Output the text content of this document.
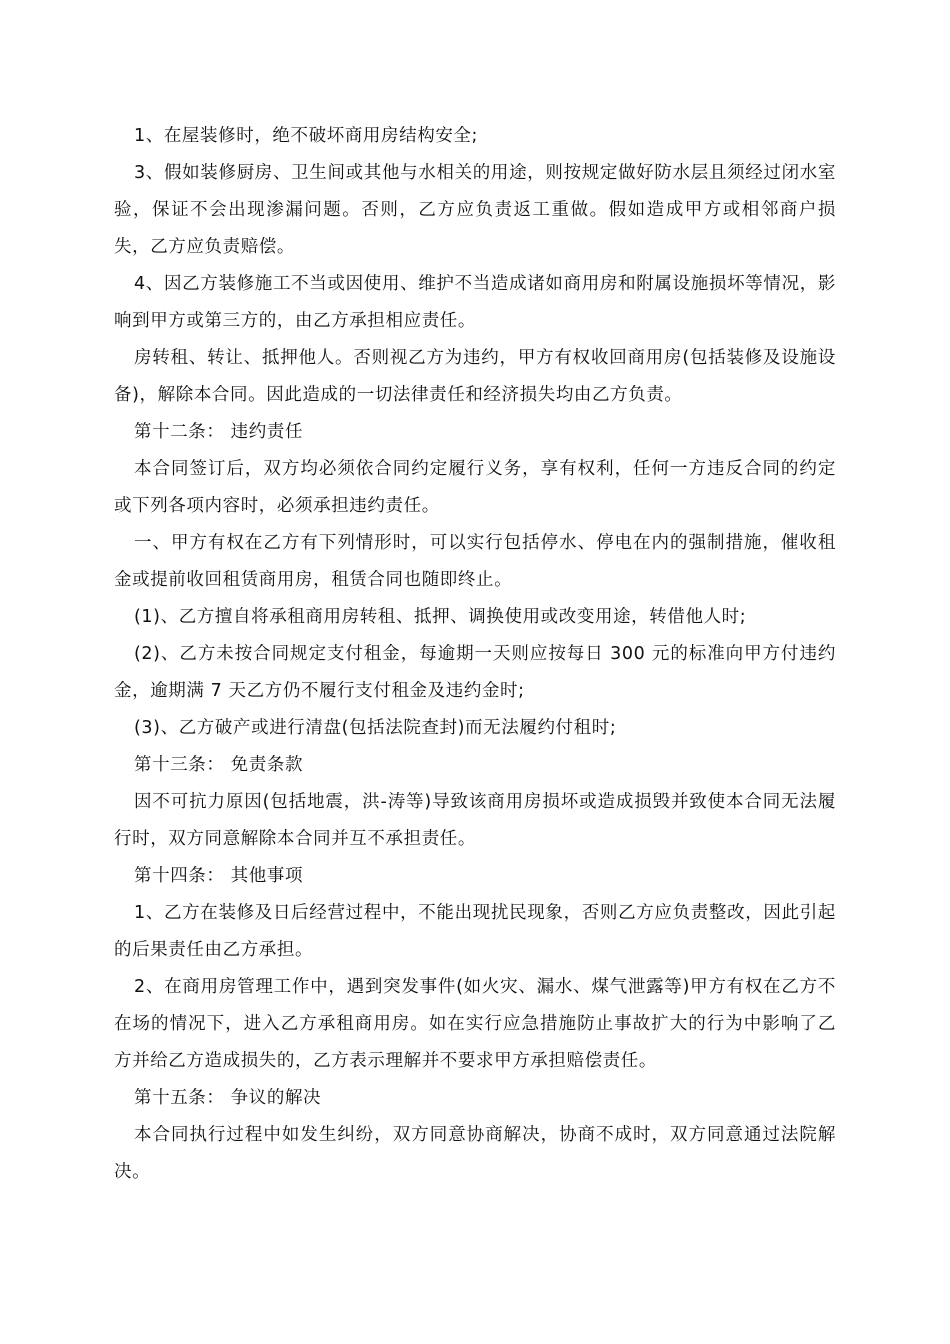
1、在屋装修时，绝不破坏商用房结构安全;

3、假如装修厨房、卫生间或其他与水相关的用途，则按规定做好防水层且须经过闭水室验，保证不会出现渗漏问题。否则，乙方应负责返工重做。假如造成甲方或相邻商户损失，乙方应负责赔偿。

4、因乙方装修施工不当或因使用、维护不当造成诸如商用房和附属设施损坏等情况，影响到甲方或第三方的，由乙方承担相应责任。

房转租、转让、抵押他人。否则视乙方为违约，甲方有权收回商用房(包括装修及设施设备)，解除本合同。因此造成的一切法律责任和经济损失均由乙方负责。

第十二条： 违约责任

本合同签订后，双方均必须依合同约定履行义务，享有权利，任何一方违反合同的约定或下列各项内容时，必须承担违约责任。

一、甲方有权在乙方有下列情形时，可以实行包括停水、停电在内的强制措施，催收租金或提前收回租赁商用房，租赁合同也随即终止。

(1)、乙方擅自将承租商用房转租、抵押、调换使用或改变用途，转借他人时;

(2)、乙方未按合同规定支付租金，每逾期一天则应按每日 300 元的标准向甲方付违约金，逾期满 7 天乙方仍不履行支付租金及违约金时;

(3)、乙方破产或进行清盘(包括法院查封)而无法履约付租时;

第十三条： 免责条款

因不可抗力原因(包括地震，洪-涛等)导致该商用房损坏或造成损毁并致使本合同无法履行时，双方同意解除本合同并互不承担责任。

第十四条： 其他事项

1、乙方在装修及日后经营过程中，不能出现扰民现象，否则乙方应负责整改，因此引起的后果责任由乙方承担。

2、在商用房管理工作中，遇到突发事件(如火灾、漏水、煤气泄露等)甲方有权在乙方不在场的情况下，进入乙方承租商用房。如在实行应急措施防止事故扩大的行为中影响了乙方并给乙方造成损失的，乙方表示理解并不要求甲方承担赔偿责任。

第十五条： 争议的解决

本合同执行过程中如发生纠纷，双方同意协商解决，协商不成时，双方同意通过法院解决。
